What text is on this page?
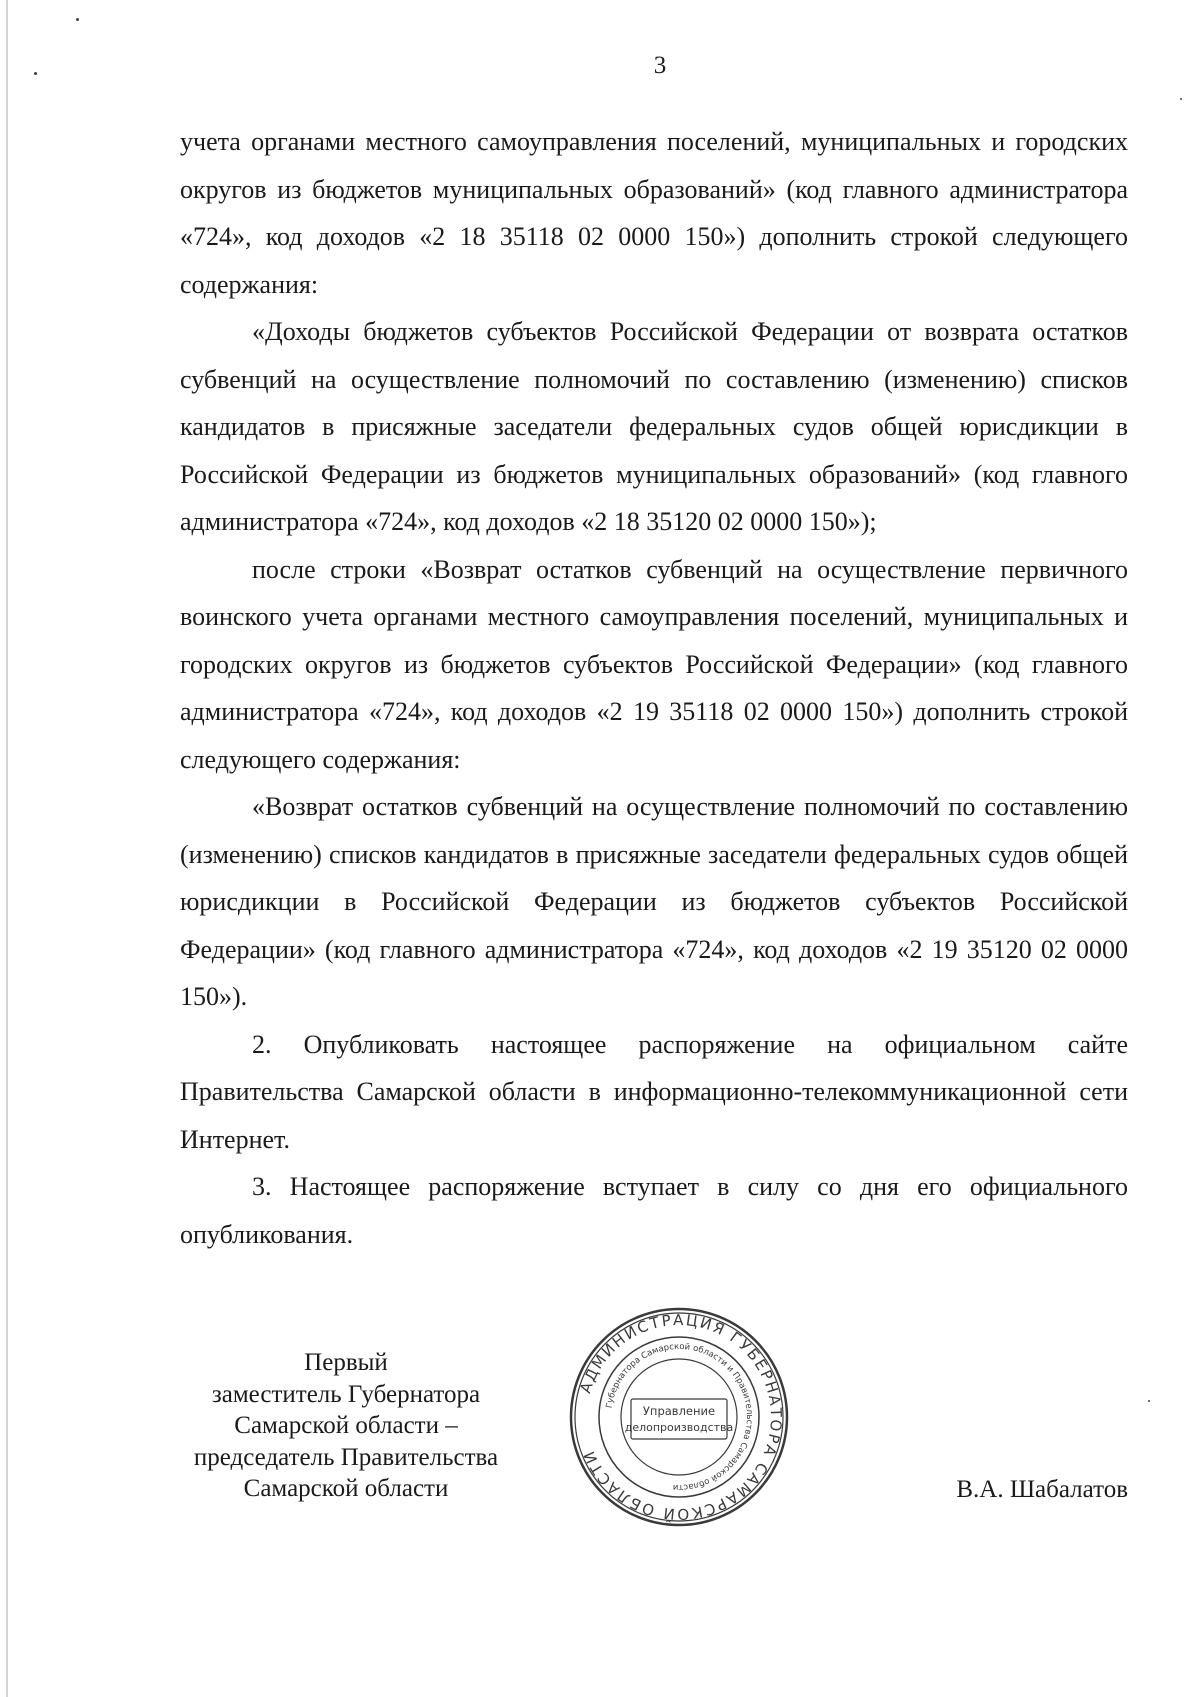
3

учета органами местного самоуправления поселений, муниципальных и городских округов из бюджетов муниципальных образований» (код главного администратора «724», код доходов «2 18 35118 02 0000 150») дополнить строкой следующего содержания:

«Доходы бюджетов субъектов Российской Федерации от возврата остатков субвенций на осуществление полномочий по составлению (изменению) списков кандидатов в присяжные заседатели федеральных судов общей юрисдикции в Российской Федерации из бюджетов муниципальных образований» (код главного администратора «724», код доходов «2 18 35120 02 0000 150»);

после строки «Возврат остатков субвенций на осуществление первичного воинского учета органами местного самоуправления поселений, муниципальных и городских округов из бюджетов субъектов Российской Федерации» (код главного администратора «724», код доходов «2 19 35118 02 0000 150») дополнить строкой следующего содержания:

«Возврат остатков субвенций на осуществление полномочий по составлению (изменению) списков кандидатов в присяжные заседатели федеральных судов общей юрисдикции в Российской Федерации из бюджетов субъектов Российской Федерации» (код главного администратора «724», код доходов «2 19 35120 02 0000 150»).

2. Опубликовать настоящее распоряжение на официальном сайте Правительства Самарской области в информационно-телекоммуникационной сети Интернет.

3. Настоящее распоряжение вступает в силу со дня его официального опубликования.

Первый
заместитель Губернатора
Самарской области –
председатель Правительства
Самарской области
АДМИНИСТРАЦИЯ ГУБЕРНАТОРА САМАРСКОЙ ОБЛАСТИ
Губернатора Самарской области и Правительства Самарской области
Управление
делопроизводства
В.А. Шабалатов
